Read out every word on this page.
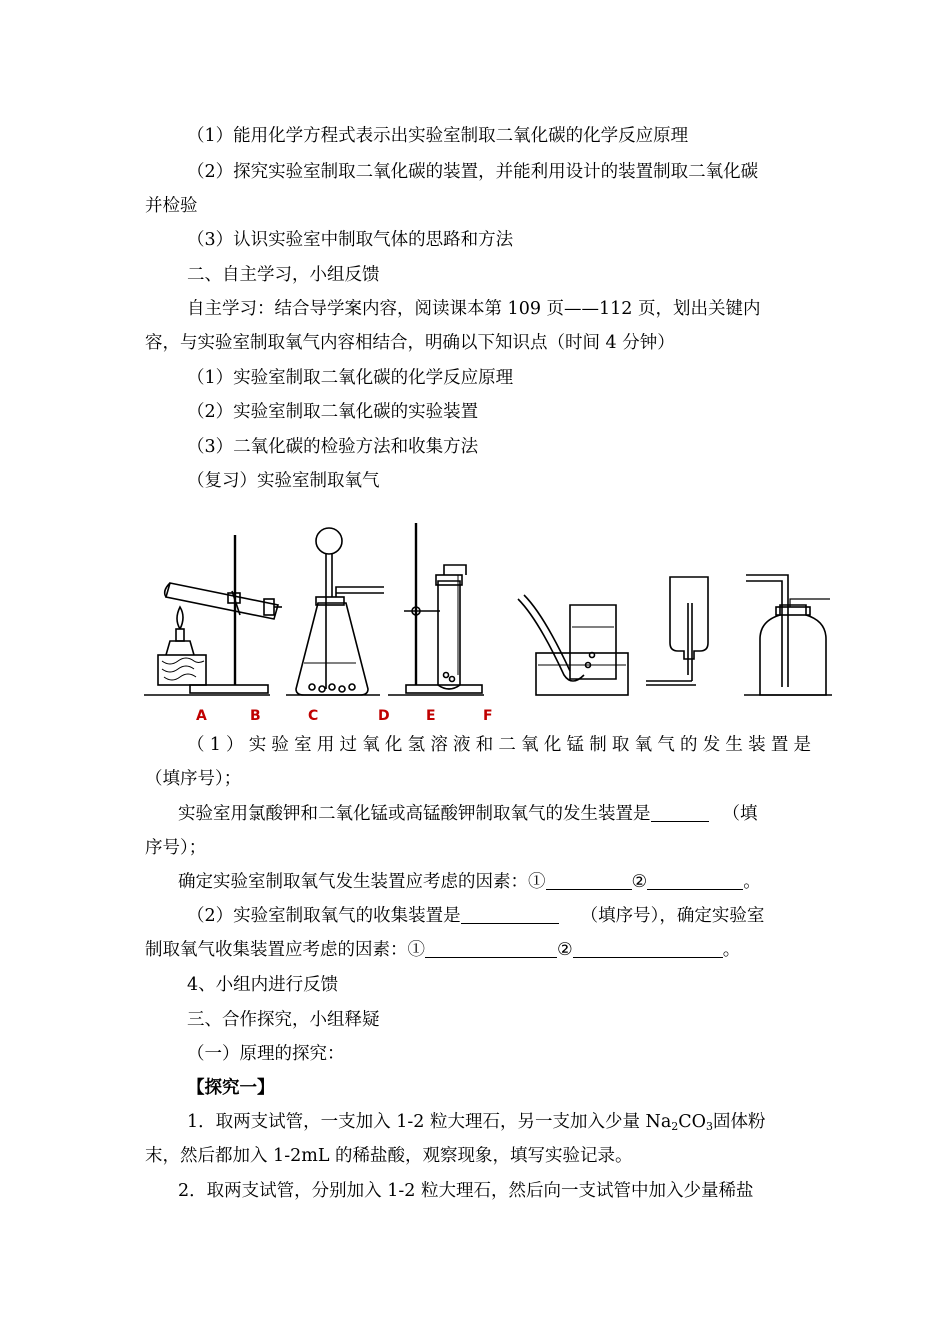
（1）能用化学方程式表示出实验室制取二氧化碳的化学反应原理
（2）探究实验室制取二氧化碳的装置，并能利用设计的装置制取二氧化碳
并检验
（3）认识实验室中制取气体的思路和方法
二、自主学习，小组反馈
自主学习：结合导学案内容，阅读课本第 109 页——112 页，划出关键内
容，与实验室制取氧气内容相结合，明确以下知识点（时间 4 分钟）
（1）实验室制取二氧化碳的化学反应原理
（2）实验室制取二氧化碳的实验装置
（3）二氧化碳的检验方法和收集方法
（复习）实验室制取氧气
A	B	C	D	E	F
（1）实验室用过氧化氢溶液和二氧化锰制取氧气的发生装置是
（填序号）；
实验室用氯酸钾和二氧化锰或高锰酸钾制取氧气的发生装置是	（填
序号）；
确定实验室制取氧气发生装置应考虑的因素：①	②	。
（2）实验室制取氧气的收集装置是	（填序号），确定实验室
制取氧气收集装置应考虑的因素：①	②	。
4、小组内进行反馈
三、合作探究，小组释疑
（一）原理的探究：
【探究一】
1．取两支试管，一支加入 1-2 粒大理石，另一支加入少量 $Na_2CO_3$固体粉
末，然后都加入 1-2mL 的稀盐酸，观察现象，填写实验记录。
2．取两支试管，分别加入 1-2 粒大理石，然后向一支试管中加入少量稀盐
